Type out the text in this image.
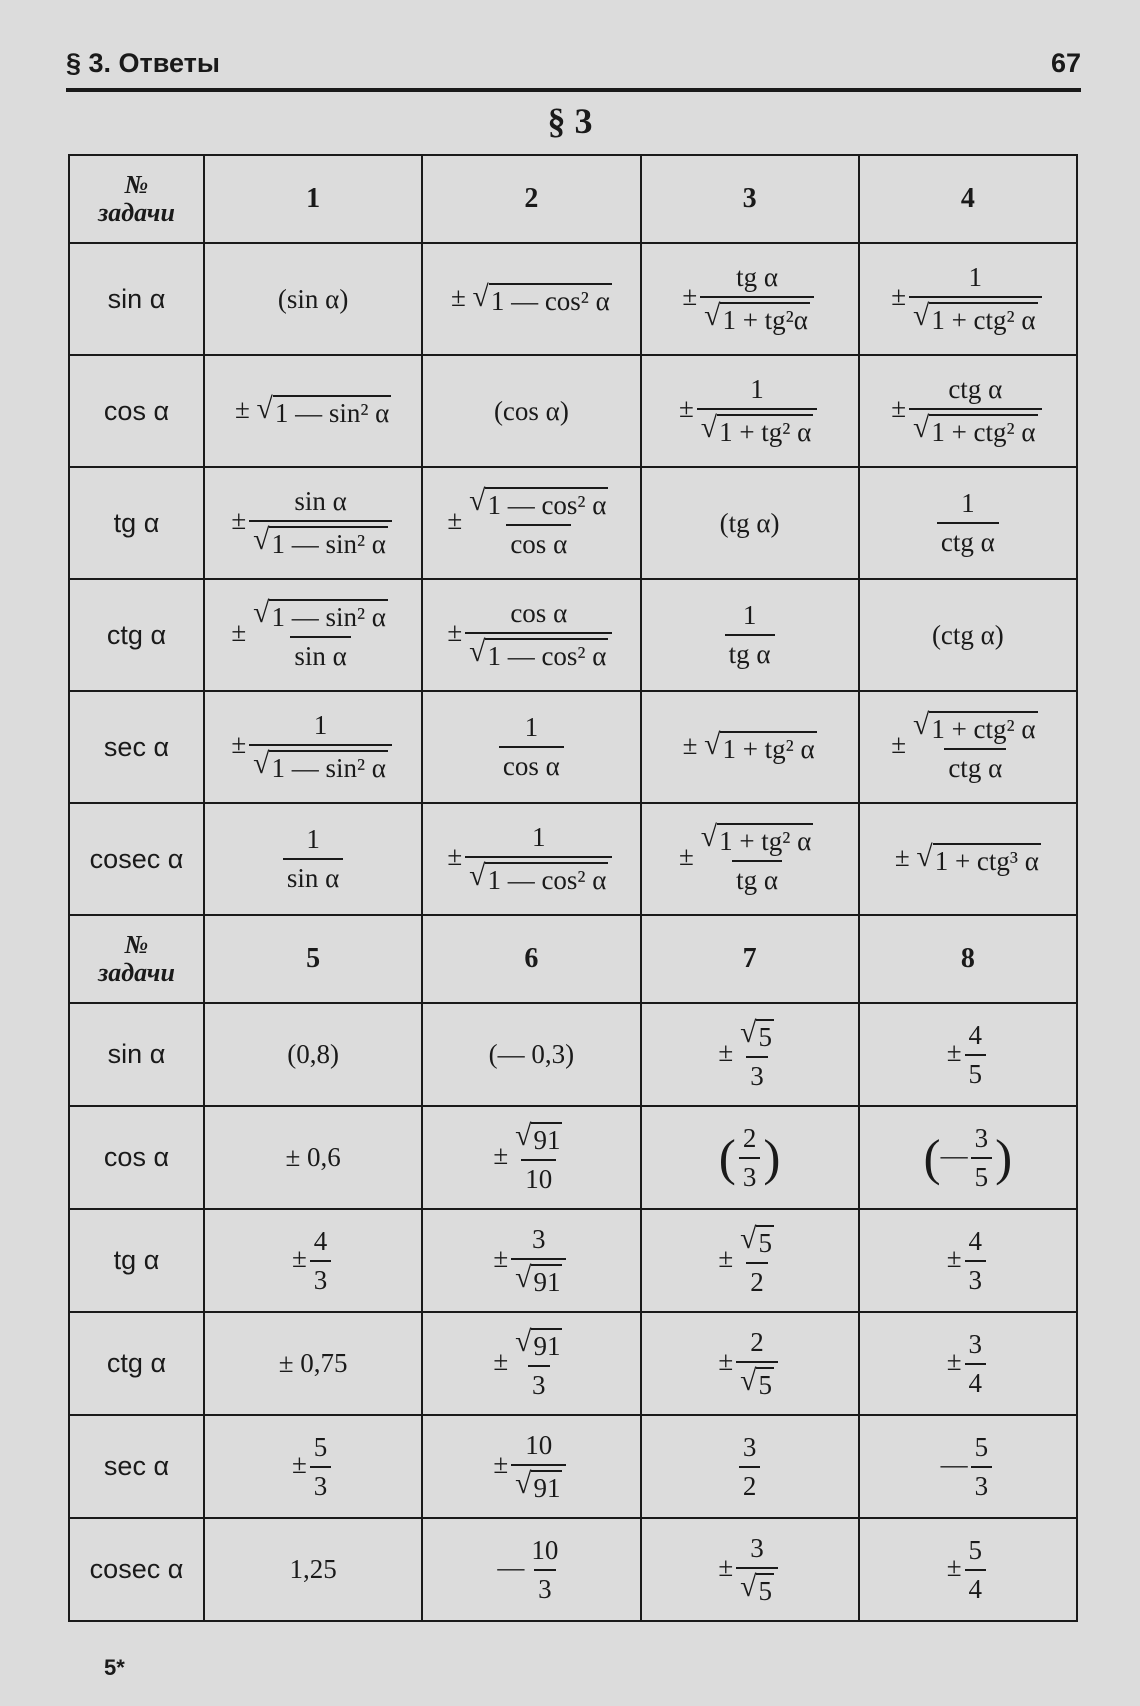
§ 3. Ответы	67
§ 3
№
задачи	1	2	3	4
sin α	(sin α)	± √ 1 — cos² α	± $\frac{\text{tg α}}{\text{√ 1 + tg²α}}$	± $\frac{1}{\text{√ 1 + ctg² α}}$

cos α	± √ 1 — sin² α	(cos α)	± $\frac{1}{\text{√ 1 + tg² α}}$	± $\frac{\text{ctg α}}{\text{√ 1 + ctg² α}}$

tg α	± $\frac{\text{sin α}}{\text{√ 1 — sin² α}}$	± $\frac{\text{√ 1 — cos² α}}{\text{cos α}}$	(tg α)	$\frac{1}{\text{ctg α}}$

ctg α	± $\frac{\text{√ 1 — sin² α}}{\text{sin α}}$	± $\frac{\text{cos α}}{\text{√ 1 — cos² α}}$	$\frac{1}{\text{tg α}}$	(ctg α)
sec α	± $\frac{1}{\text{√ 1 — sin² α}}$	$\frac{1}{\text{cos α}}$	± √ 1 + tg² α	± $\frac{\text{√ 1 + ctg² α}}{\text{ctg α}}$

cosec α	$\frac{1}{\text{sin α}}$	± $\frac{1}{\text{√ 1 — cos² α}}$	± $\frac{\text{√ 1 + tg² α}}{\text{tg α}}$	± √ 1 + ctg³ α

№
задачи	5	6	7	8
sin α	(0,8)	(— 0,3)	± $\frac{√ 5}{3}$	± $\frac{4}{5}$

cos α	± 0,6	± $\frac{√ 91}{10}$	( $\frac{2}{3}$ )	(— $\frac{3}{5}$ )
tg α	± $\frac{4}{3}$	± $\frac{3}{√ 91}$	± $\frac{√ 5}{2}$	± $\frac{4}{3}$

ctg α	± 0,75	± $\frac{√ 91}{3}$	± $\frac{2}{√ 5}$	± $\frac{3}{4}$

sec α	± $\frac{5}{3}$	± $\frac{10}{√ 91}$	$\frac{3}{2}$	— $\frac{5}{3}$

cosec α	1,25	— $\frac{10}{3}$	± $\frac{3}{√ 5}$	± $\frac{5}{4}$
5*
